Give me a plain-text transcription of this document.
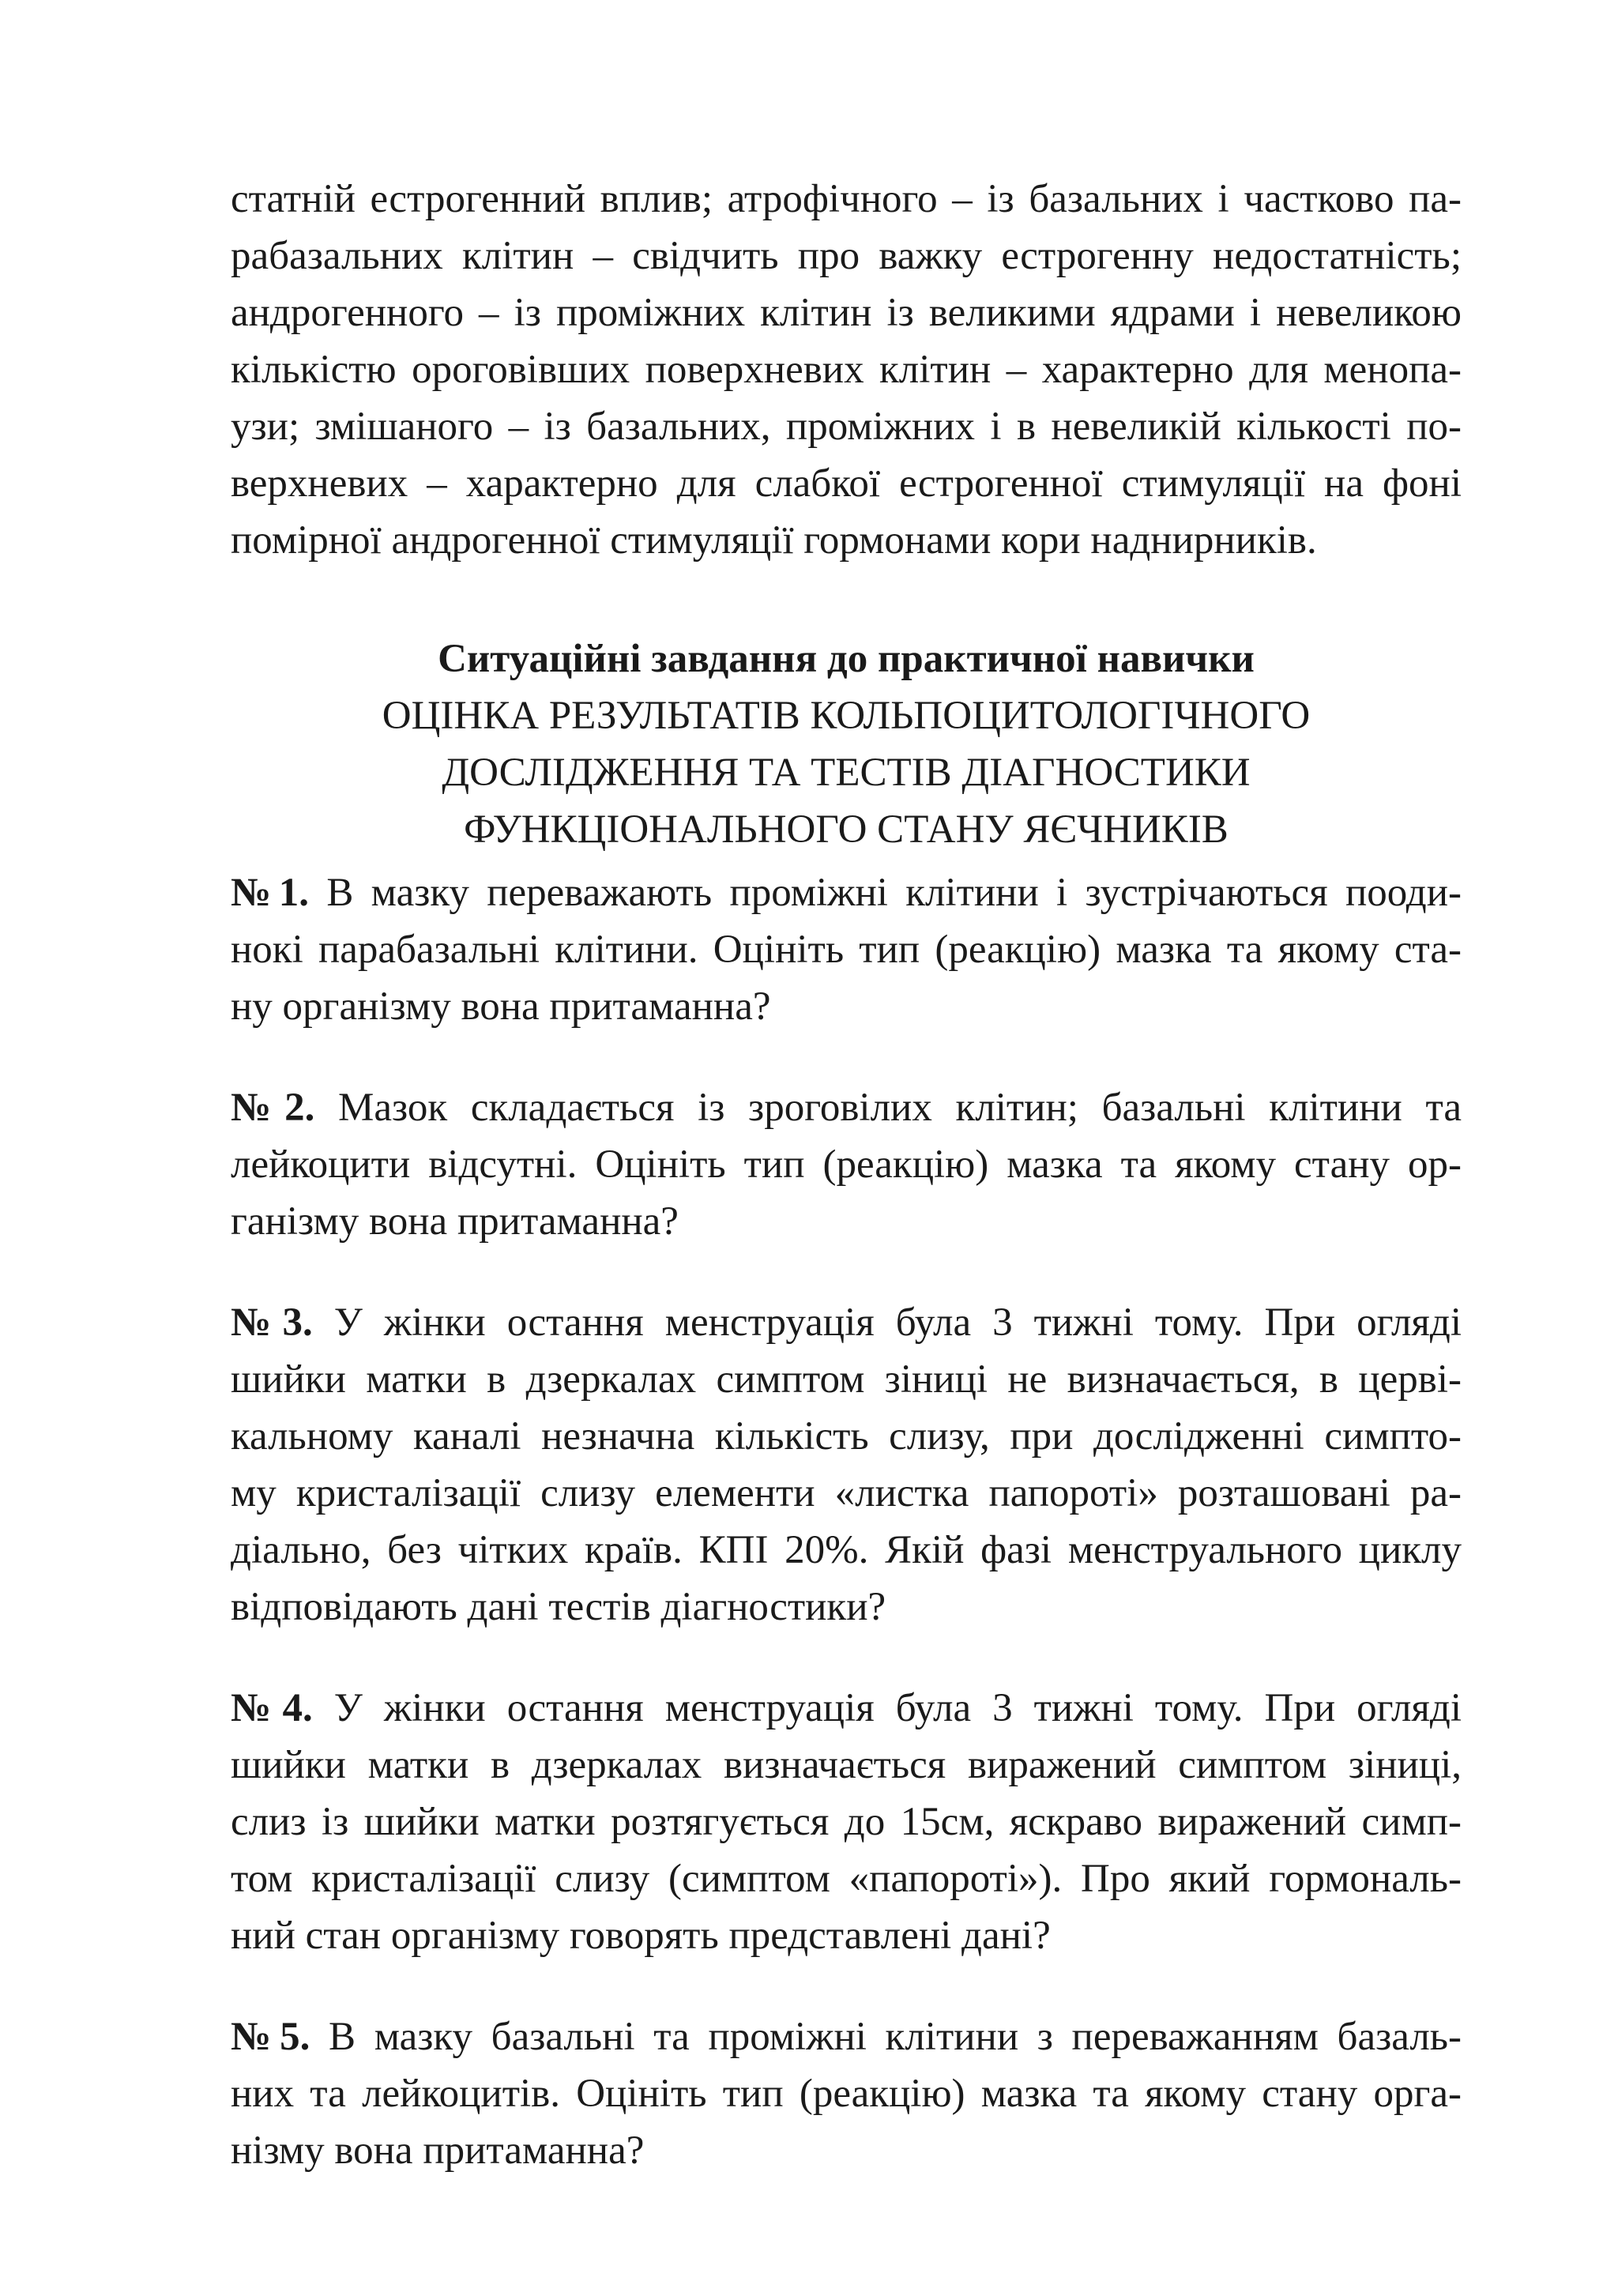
статній естрогенний вплив; атрофічного – із базальних і частково па-
рабазальних клітин – свідчить про важку естрогенну недостатність;
андрогенного – із проміжних клітин із великими ядрами і невеликою
кількістю ороговівших поверхневих клітин – характерно для менопа-
узи; змішаного – із базальних, проміжних і в невеликій кількості по-
верхневих – характерно для слабкої естрогенної стимуляції на фоні
помірної андрогенної стимуляції гормонами кори наднирників.
Ситуаційні завдання до практичної навички
ОЦІНКА РЕЗУЛЬТАТІВ КОЛЬПОЦИТОЛОГІЧНОГО
ДОСЛІДЖЕННЯ ТА ТЕСТІВ ДІАГНОСТИКИ
ФУНКЦІОНАЛЬНОГО СТАНУ ЯЄЧНИКІВ
№1. В мазку переважають проміжні клітини і зустрічаються пооди-
нокі парабазальні клітини. Оцініть тип (реакцію) мазка та якому ста-
ну організму вона притаманна?
№2. Мазок складається із зроговілих клітин; базальні клітини та
лейкоцити відсутні. Оцініть тип (реакцію) мазка та якому стану ор-
ганізму вона притаманна?
№3. У жінки остання менструація була 3 тижні тому. При огляді
шийки матки в дзеркалах симптом зіниці не визначається, в церві-
кальному каналі незначна кількість слизу, при дослідженні симпто-
му кристалізації слизу елементи «листка папороті» розташовані ра-
діально, без чітких країв. КПІ 20%. Якій фазі менструального циклу
відповідають дані тестів діагностики?
№4. У жінки остання менструація була 3 тижні тому. При огляді
шийки матки в дзеркалах визначається виражений симптом зіниці,
слиз із шийки матки розтягується до 15см, яскраво виражений симп-
том кристалізації слизу (симптом «папороті»). Про який гормональ-
ний стан організму говорять представлені дані?
№5. В мазку базальні та проміжні клітини з переважанням базаль-
них та лейкоцитів. Оцініть тип (реакцію) мазка та якому стану орга-
нізму вона притаманна?
